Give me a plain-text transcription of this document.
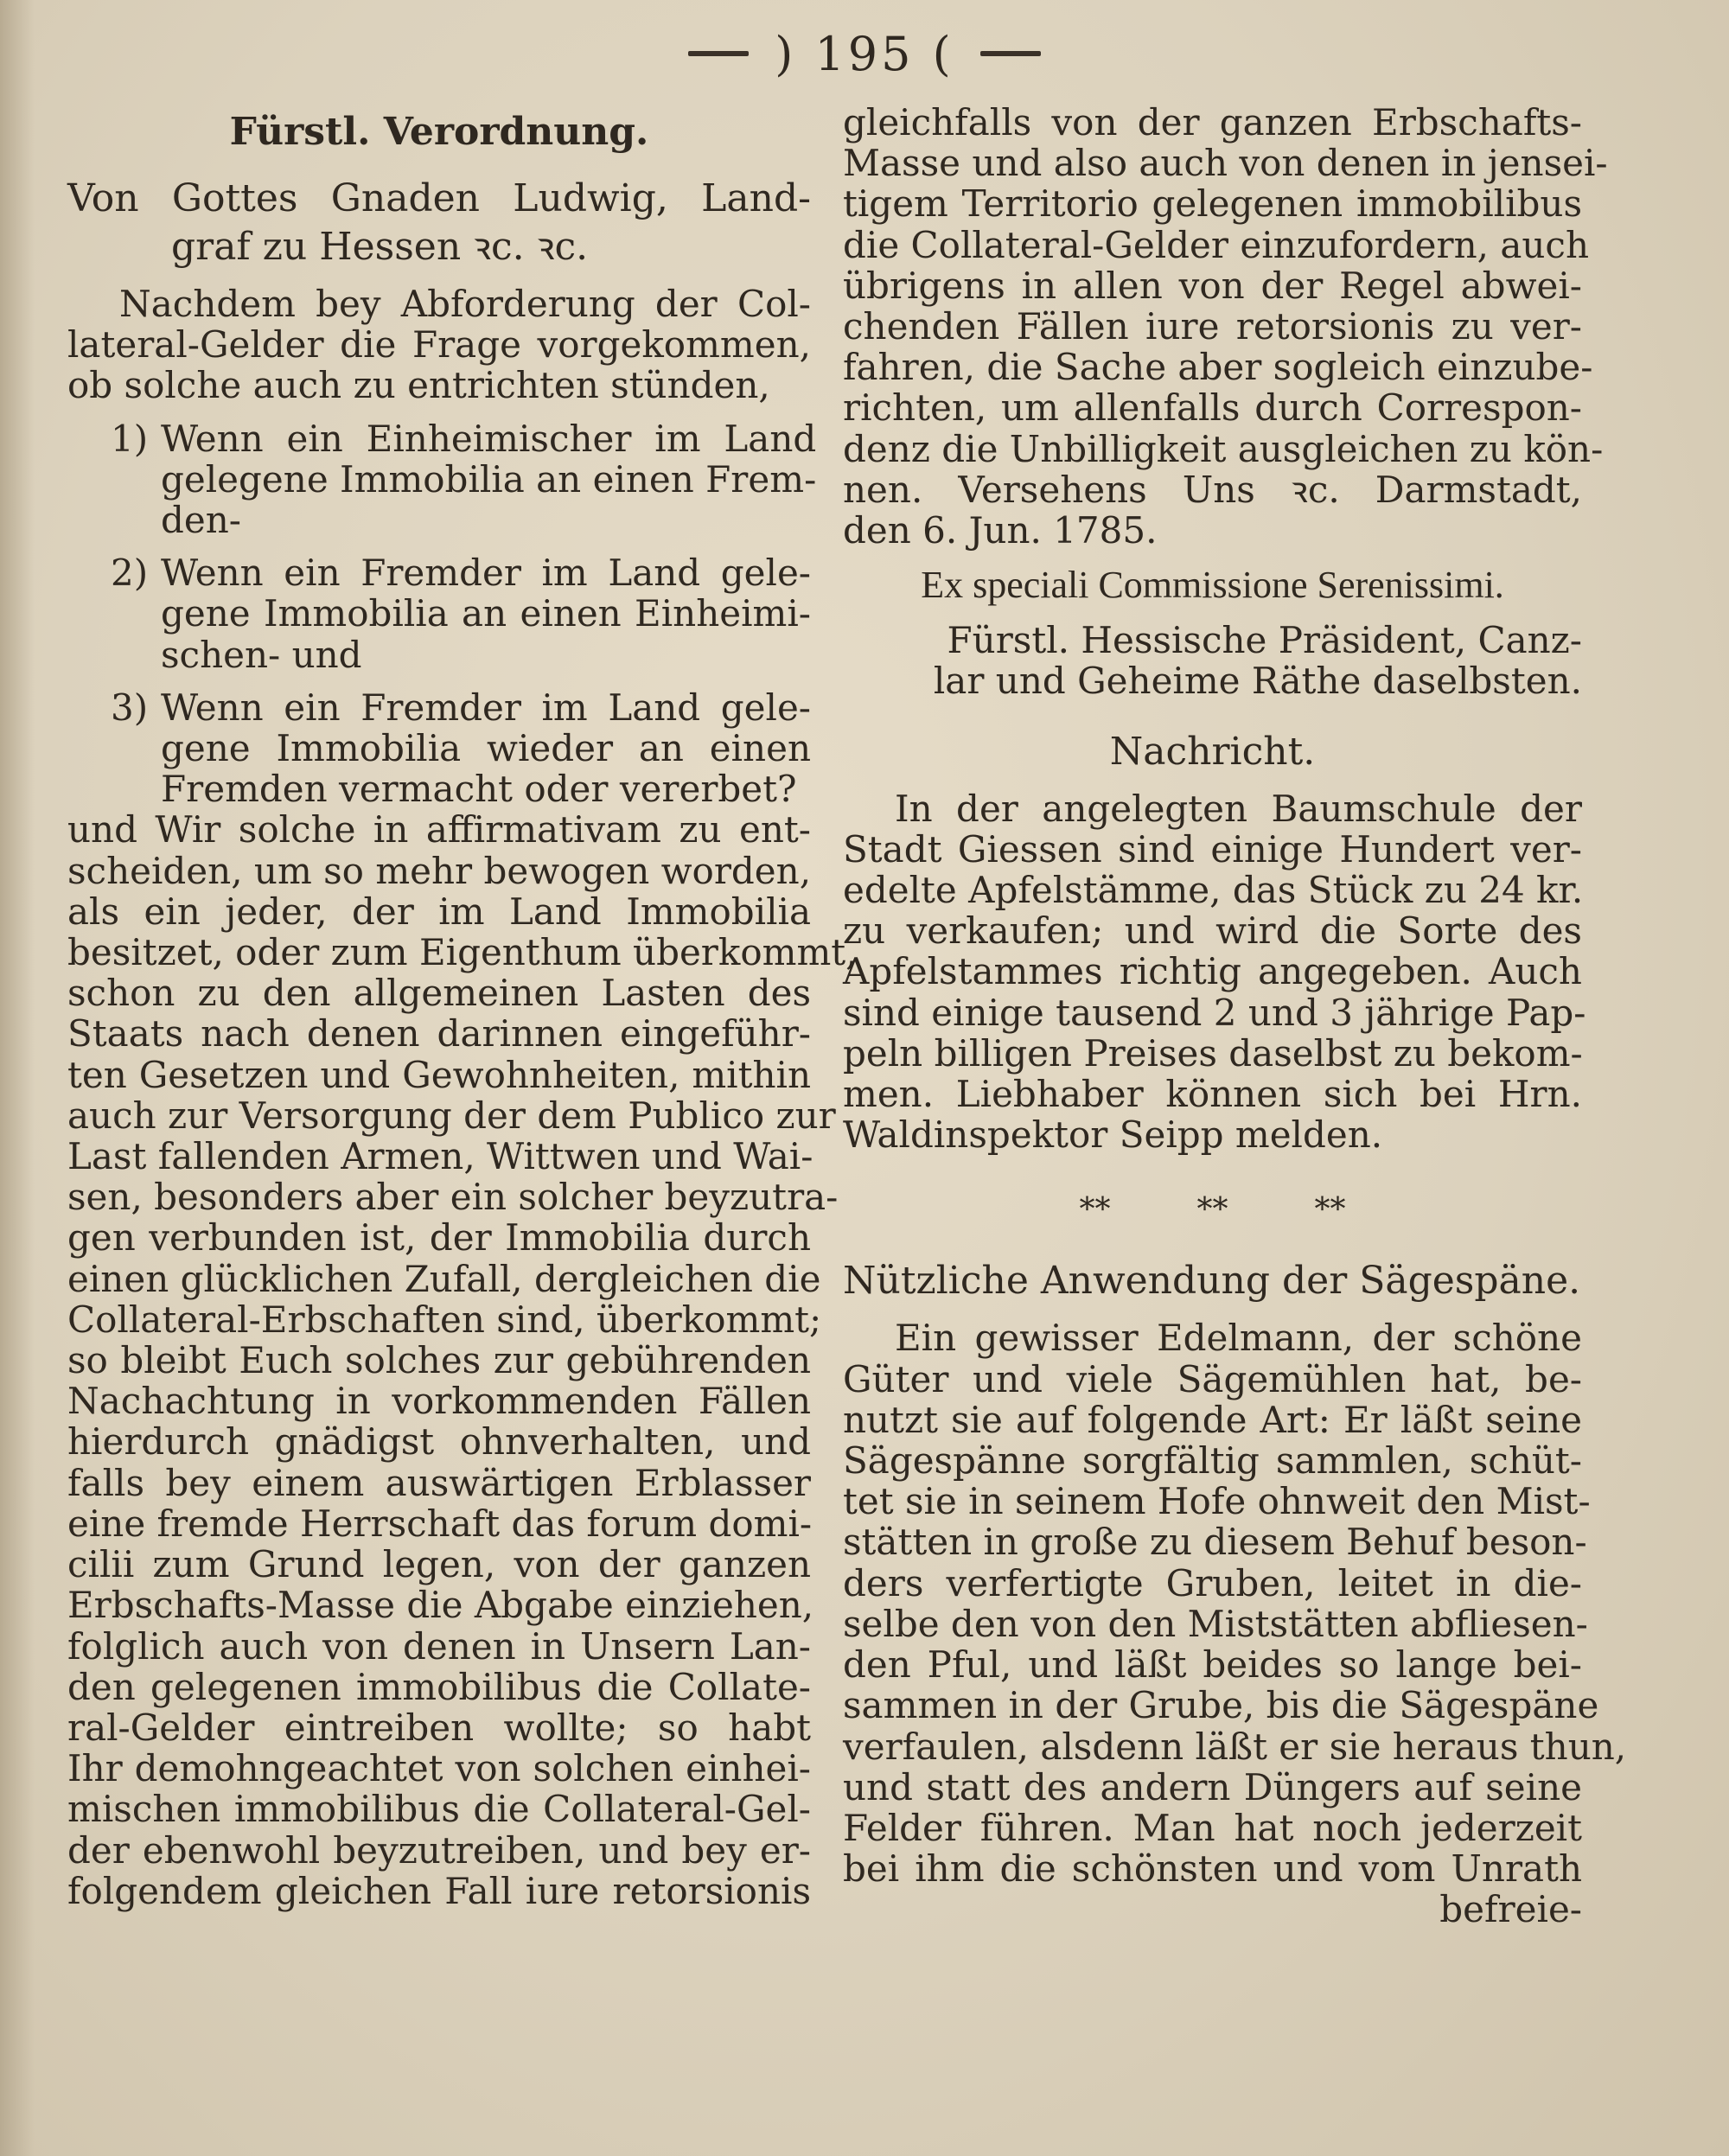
) 195 (
Fürstl. Verordnung.
Von Gottes Gnaden Ludwig, Land-
graf zu Hessen ꝛc. ꝛc.
Nachdem bey Abforderung der Col-
lateral-Gelder die Frage vorgekommen,
ob solche auch zu entrichten stünden,
1) Wenn ein Einheimischer im Land
gelegene Immobilia an einen Frem-
den-
2) Wenn ein Fremder im Land gele-
gene Immobilia an einen Einheimi-
schen- und
3) Wenn ein Fremder im Land gele-
gene Immobilia wieder an einen
Fremden vermacht oder vererbet?
und Wir solche in affirmativam zu ent-
scheiden, um so mehr bewogen worden,
als ein jeder, der im Land Immobilia
besitzet, oder zum Eigenthum überkommt,
schon zu den allgemeinen Lasten des
Staats nach denen darinnen eingeführ-
ten Gesetzen und Gewohnheiten, mithin
auch zur Versorgung der dem Publico zur
Last fallenden Armen, Wittwen und Wai-
sen, besonders aber ein solcher beyzutra-
gen verbunden ist, der Immobilia durch
einen glücklichen Zufall, dergleichen die
Collateral-Erbschaften sind, überkommt;
so bleibt Euch solches zur gebührenden
Nachachtung in vorkommenden Fällen
hierdurch gnädigst ohnverhalten, und
falls bey einem auswärtigen Erblasser
eine fremde Herrschaft das forum domi-
cilii zum Grund legen, von der ganzen
Erbschafts-Masse die Abgabe einziehen,
folglich auch von denen in Unsern Lan-
den gelegenen immobilibus die Collate-
ral-Gelder eintreiben wollte; so habt
Ihr demohngeachtet von solchen einhei-
mischen immobilibus die Collateral-Gel-
der ebenwohl beyzutreiben, und bey er-
folgendem gleichen Fall iure retorsionis
gleichfalls von der ganzen Erbschafts-
Masse und also auch von denen in jensei-
tigem Territorio gelegenen immobilibus
die Collateral-Gelder einzufordern, auch
übrigens in allen von der Regel abwei-
chenden Fällen iure retorsionis zu ver-
fahren, die Sache aber sogleich einzube-
richten, um allenfalls durch Correspon-
denz die Unbilligkeit ausgleichen zu kön-
nen. Versehens Uns ꝛc. Darmstadt,
den 6. Jun. 1785.
Ex speciali Commissione Serenissimi.
Fürstl. Hessische Präsident, Canz-
lar und Geheime Räthe daselbsten.
Nachricht.
In der angelegten Baumschule der
Stadt Giessen sind einige Hundert ver-
edelte Apfelstämme, das Stück zu 24 kr.
zu verkaufen; und wird die Sorte des
Apfelstammes richtig angegeben. Auch
sind einige tausend 2 und 3 jährige Pap-
peln billigen Preises daselbst zu bekom-
men. Liebhaber können sich bei Hrn.
Waldinspektor Seipp melden.
**	**	**
Nützliche Anwendung der Sägespäne.
Ein gewisser Edelmann, der schöne
Güter und viele Sägemühlen hat, be-
nutzt sie auf folgende Art: Er läßt seine
Sägespänne sorgfältig sammlen, schüt-
tet sie in seinem Hofe ohnweit den Mist-
stätten in große zu diesem Behuf beson-
ders verfertigte Gruben, leitet in die-
selbe den von den Miststätten abfliesen-
den Pful, und läßt beides so lange bei-
sammen in der Grube, bis die Sägespäne
verfaulen, alsdenn läßt er sie heraus thun,
und statt des andern Düngers auf seine
Felder führen. Man hat noch jederzeit
bei ihm die schönsten und vom Unrath
befreie-
